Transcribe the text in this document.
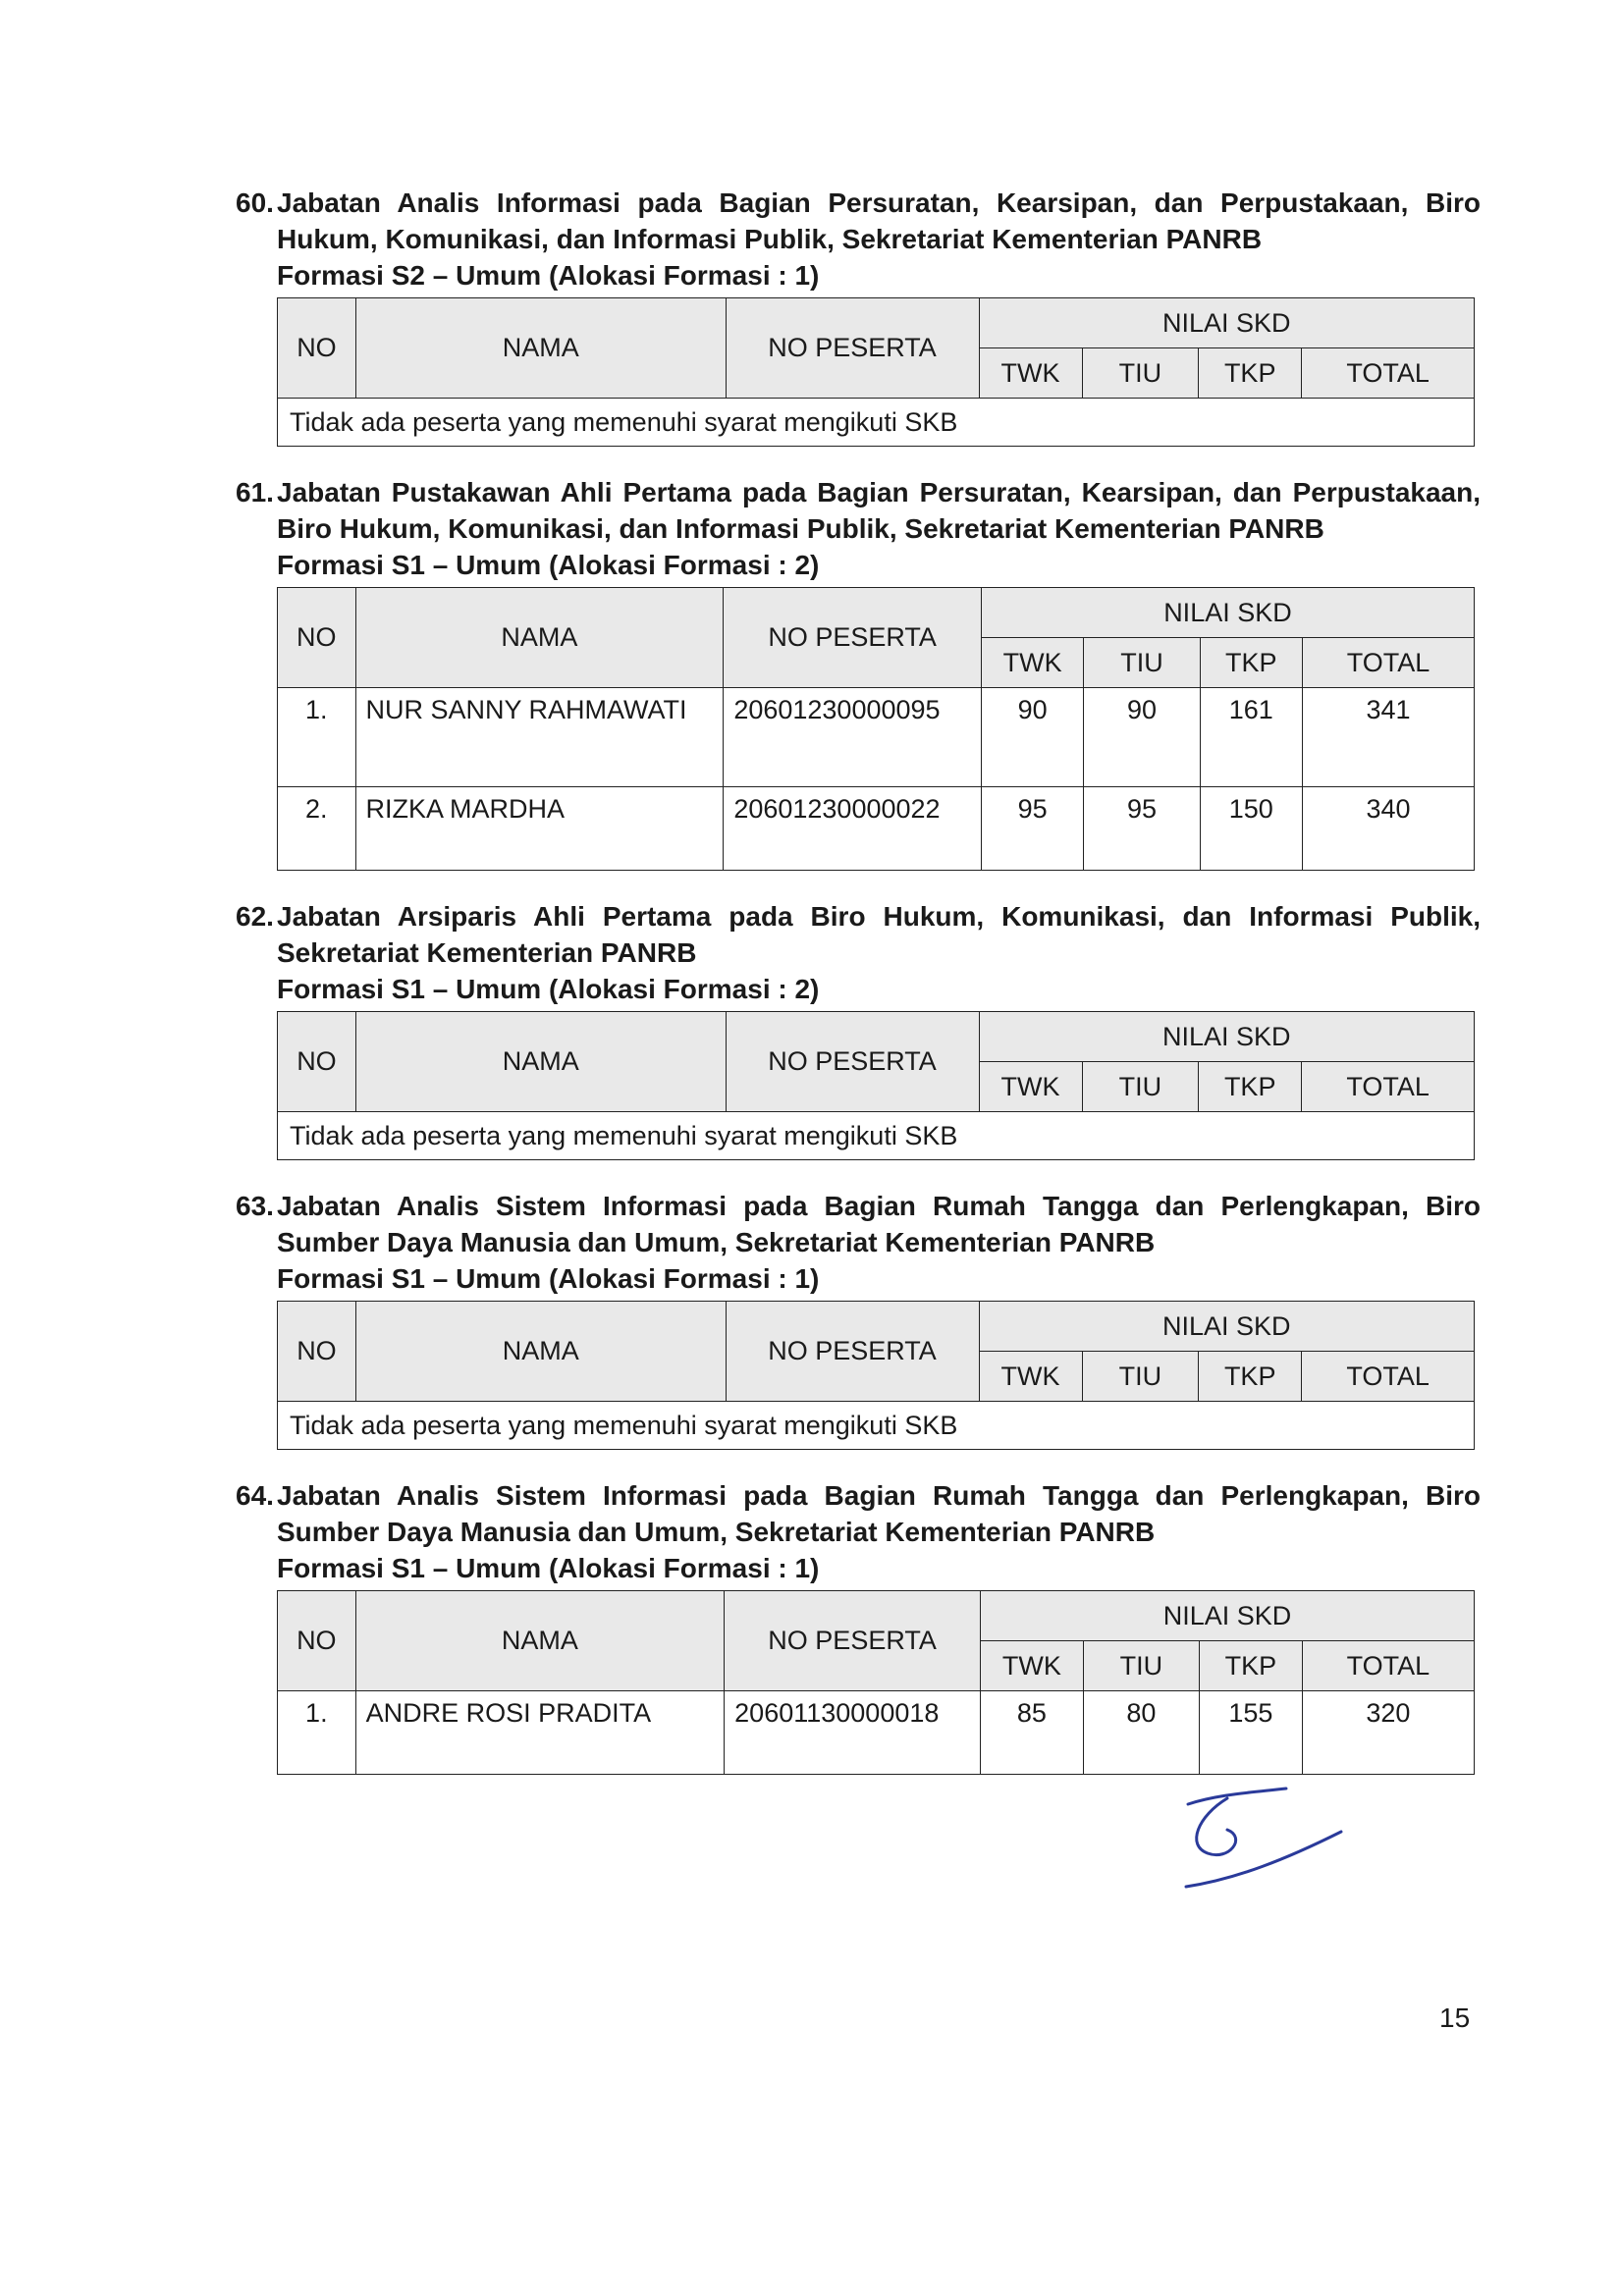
60. Jabatan Analis Informasi pada Bagian Persuratan, Kearsipan, dan Perpustakaan, Biro Hukum, Komunikasi, dan Informasi Publik, Sekretariat Kementerian PANRB
Formasi S2 – Umum (Alokasi Formasi : 1)
NO	NAMA	NO PESERTA	NILAI SKD			
			TWK	TIU	TKP	TOTAL
Tidak ada peserta yang memenuhi syarat mengikuti SKB						
61. Jabatan Pustakawan Ahli Pertama pada Bagian Persuratan, Kearsipan, dan Perpustakaan, Biro Hukum, Komunikasi, dan Informasi Publik, Sekretariat Kementerian PANRB
Formasi S1 – Umum (Alokasi Formasi : 2)
NO	NAMA	NO PESERTA	NILAI SKD			
			TWK	TIU	TKP	TOTAL
1.	NUR SANNY RAHMAWATI	20601230000095	90	90	161	341
2.	RIZKA MARDHA	20601230000022	95	95	150	340
62. Jabatan Arsiparis Ahli Pertama pada Biro Hukum, Komunikasi, dan Informasi Publik, Sekretariat Kementerian PANRB
Formasi S1 – Umum (Alokasi Formasi : 2)
NO	NAMA	NO PESERTA	NILAI SKD			
			TWK	TIU	TKP	TOTAL
Tidak ada peserta yang memenuhi syarat mengikuti SKB						
63. Jabatan Analis Sistem Informasi pada Bagian Rumah Tangga dan Perlengkapan, Biro Sumber Daya Manusia dan Umum, Sekretariat Kementerian PANRB
Formasi S1 – Umum (Alokasi Formasi : 1)
NO	NAMA	NO PESERTA	NILAI SKD			
			TWK	TIU	TKP	TOTAL
Tidak ada peserta yang memenuhi syarat mengikuti SKB						
64. Jabatan Analis Sistem Informasi pada Bagian Rumah Tangga dan Perlengkapan, Biro Sumber Daya Manusia dan Umum, Sekretariat Kementerian PANRB
Formasi S1 – Umum (Alokasi Formasi : 1)
NO	NAMA	NO PESERTA	NILAI SKD			
			TWK	TIU	TKP	TOTAL
1.	ANDRE ROSI PRADITA	20601130000018	85	80	155	320
15
